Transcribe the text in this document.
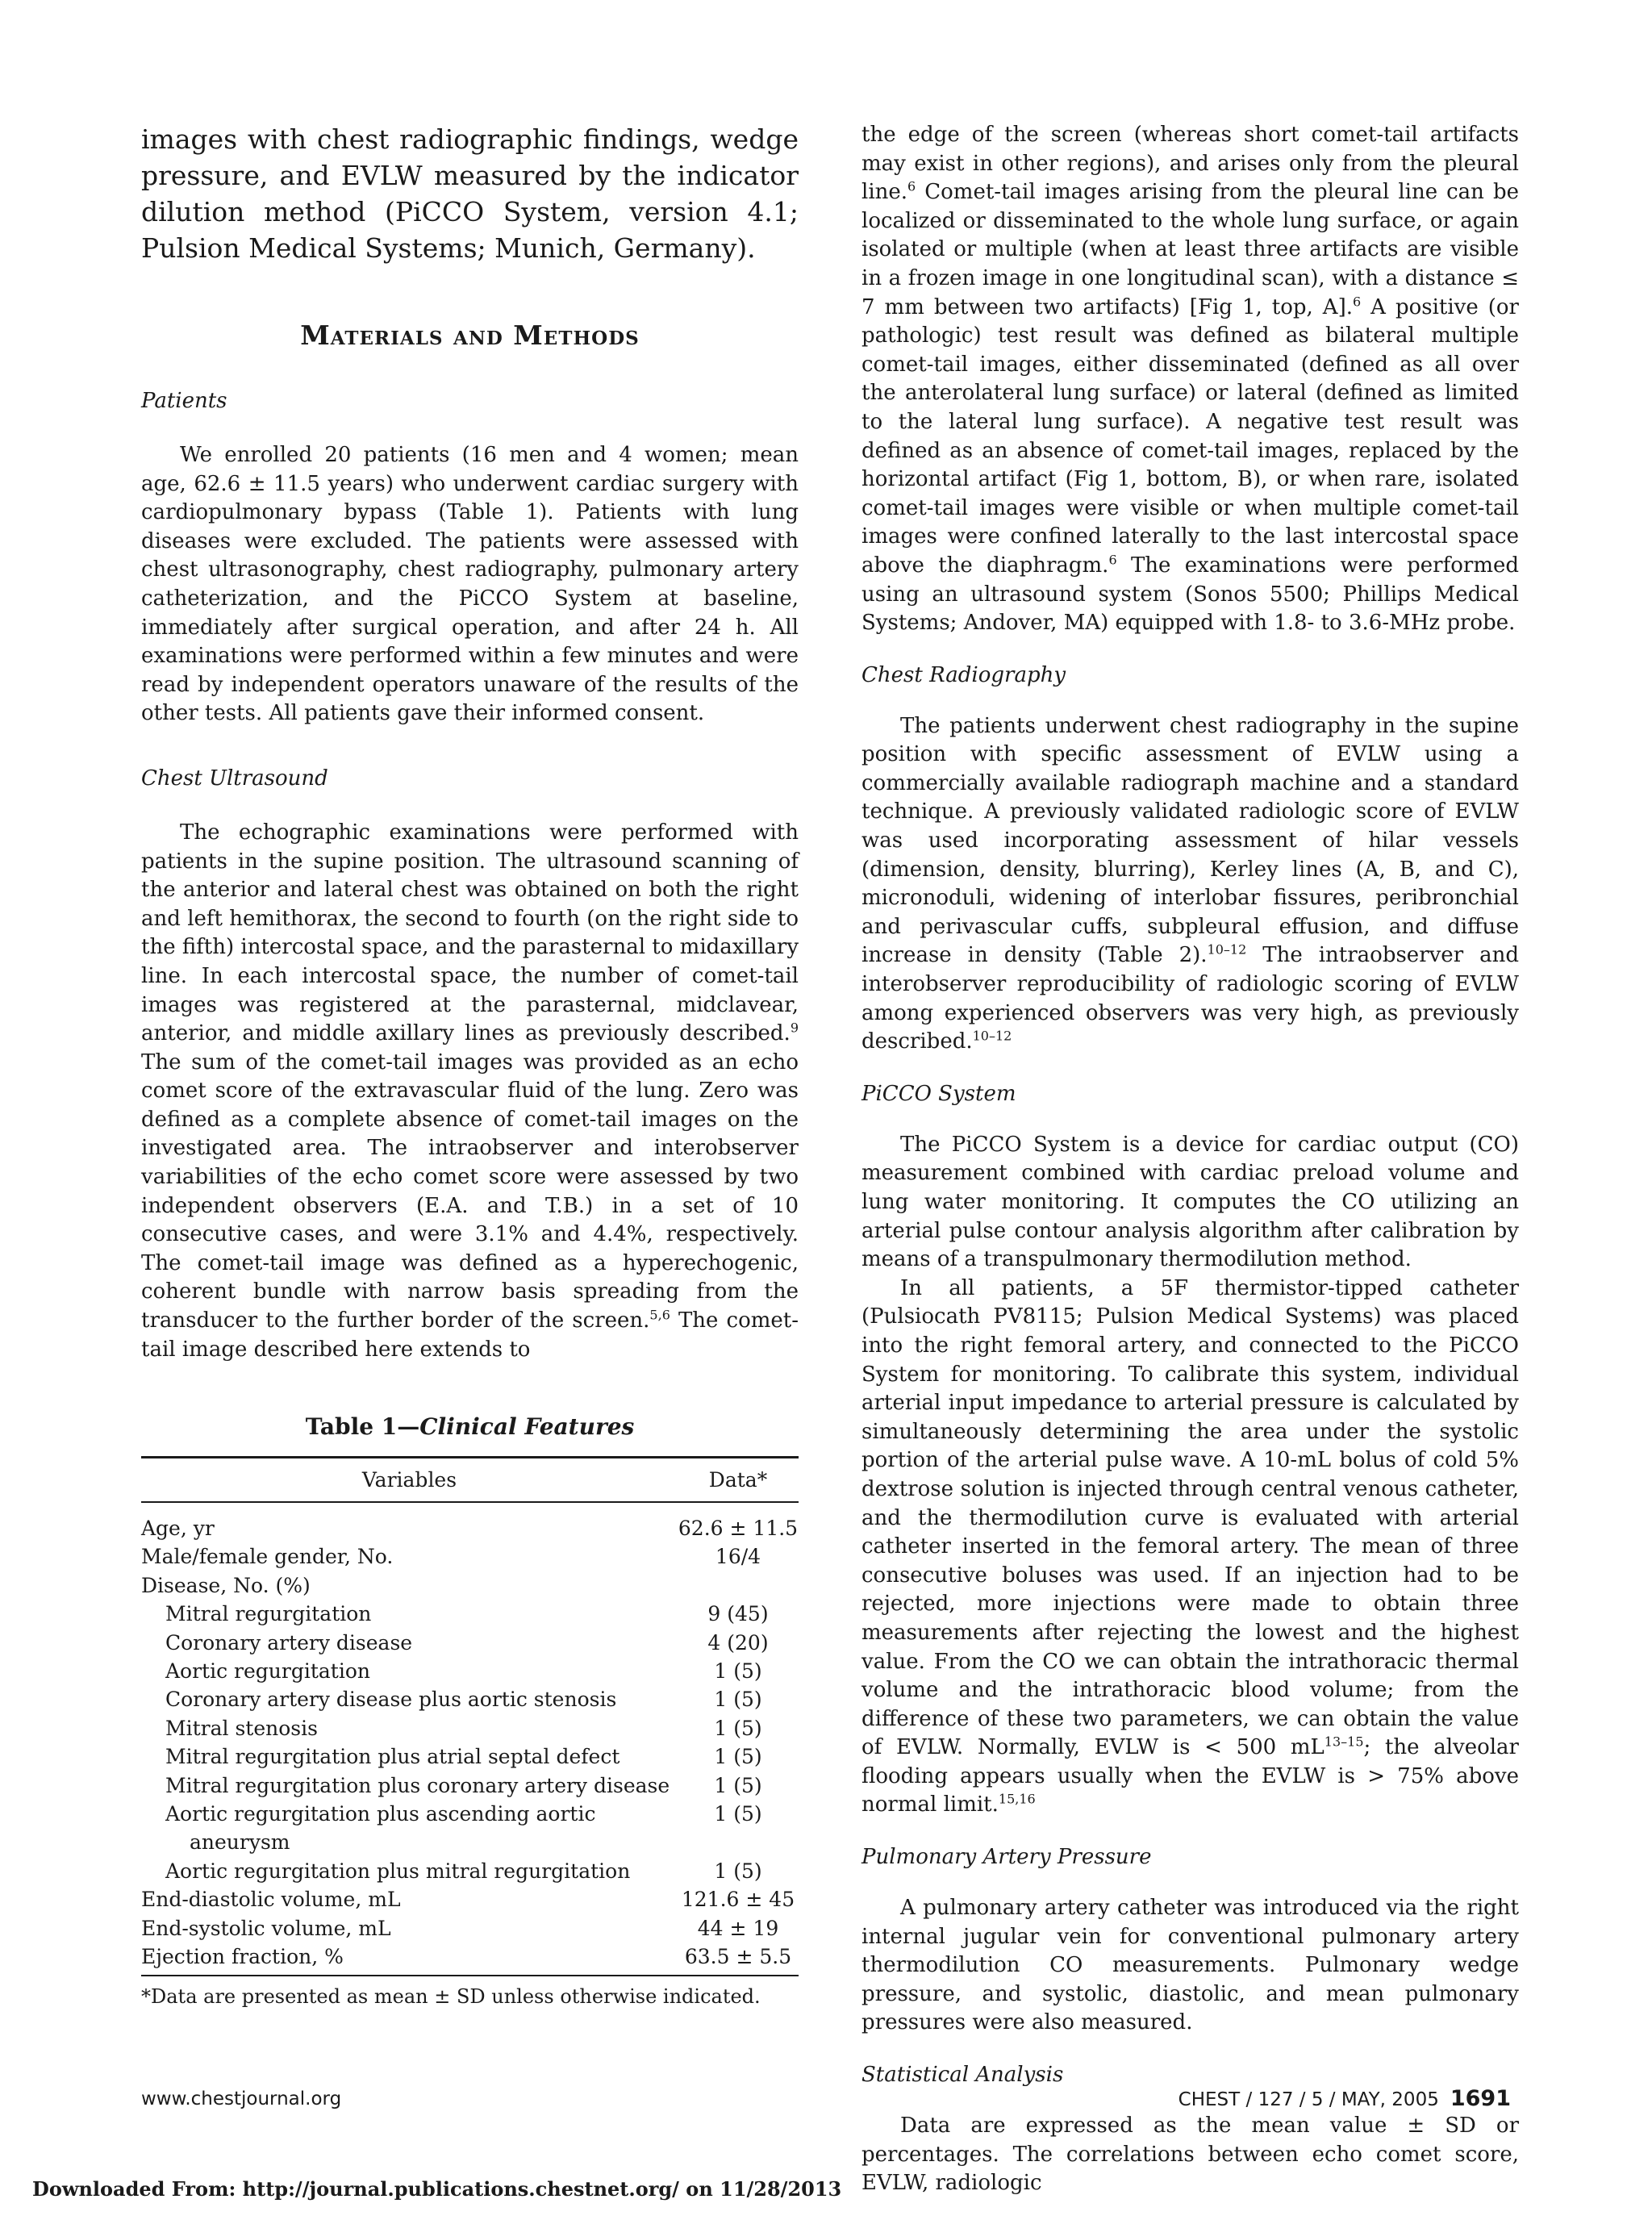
images with chest radiographic findings, wedge pressure, and EVLW measured by the indicator dilution method (PiCCO System, version 4.1; Pulsion Medical Systems; Munich, Germany).

Materials and Methods

Patients

We enrolled 20 patients (16 men and 4 women; mean age, 62.6 ± 11.5 years) who underwent cardiac surgery with cardiopulmonary bypass (Table 1). Patients with lung diseases were excluded. The patients were assessed with chest ultrasonography, chest radiography, pulmonary artery catheterization, and the PiCCO System at baseline, immediately after surgical operation, and after 24 h. All examinations were performed within a few minutes and were read by independent operators unaware of the results of the other tests. All patients gave their informed consent.

Chest Ultrasound

The echographic examinations were performed with patients in the supine position. The ultrasound scanning of the anterior and lateral chest was obtained on both the right and left hemithorax, the second to fourth (on the right side to the fifth) intercostal space, and the parasternal to midaxillary line. In each intercostal space, the number of comet-tail images was registered at the parasternal, midclavear, anterior, and middle axillary lines as previously described.$^9$ The sum of the comet-tail images was provided as an echo comet score of the extravascular fluid of the lung. Zero was defined as a complete absence of comet-tail images on the investigated area. The intraobserver and interobserver variabilities of the echo comet score were assessed by two independent observers (E.A. and T.B.) in a set of 10 consecutive cases, and were 3.1% and 4.4%, respectively. The comet-tail image was defined as a hyperechogenic, coherent bundle with narrow basis spreading from the transducer to the further border of the screen.$^{5,6}$ The comet-tail image described here extends to

Table 1—Clinical Features

Variables	Data*
Age, yr	62.6 ± 11.5
Male/female gender, No.	16/4
Disease, No. (%)	
Mitral regurgitation	9 (45)
Coronary artery disease	4 (20)
Aortic regurgitation	1 (5)
Coronary artery disease plus aortic stenosis	1 (5)
Mitral stenosis	1 (5)
Mitral regurgitation plus atrial septal defect	1 (5)

Mitral regurgitation plus coronary artery disease	1 (5)

Aortic regurgitation plus ascending aortic aneurysm	1 (5)
Aortic regurgitation plus mitral regurgitation	1 (5)
End-diastolic volume, mL	121.6 ± 45
End-systolic volume, mL	44 ± 19
Ejection fraction, %	63.5 ± 5.5

*Data are presented as mean ± SD unless otherwise indicated.

the edge of the screen (whereas short comet-tail artifacts may exist in other regions), and arises only from the pleural line.$^6$ Comet-tail images arising from the pleural line can be localized or disseminated to the whole lung surface, or again isolated or multiple (when at least three artifacts are visible in a frozen image in one longitudinal scan), with a distance ≤ 7 mm between two artifacts) [Fig 1, top, A].$^6$ A positive (or pathologic) test result was defined as bilateral multiple comet-tail images, either disseminated (defined as all over the anterolateral lung surface) or lateral (defined as limited to the lateral lung surface). A negative test result was defined as an absence of comet-tail images, replaced by the horizontal artifact (Fig 1, bottom, B), or when rare, isolated comet-tail images were visible or when multiple comet-tail images were confined laterally to the last intercostal space above the diaphragm.$^6$ The examinations were performed using an ultrasound system (Sonos 5500; Phillips Medical Systems; Andover, MA) equipped with 1.8- to 3.6-MHz probe.

Chest Radiography

The patients underwent chest radiography in the supine position with specific assessment of EVLW using a commercially available radiograph machine and a standard technique. A previously validated radiologic score of EVLW was used incorporating assessment of hilar vessels (dimension, density, blurring), Kerley lines (A, B, and C), micronoduli, widening of interlobar fissures, peribronchial and perivascular cuffs, subpleural effusion, and diffuse increase in density (Table 2).$^{10-12}$ The intraobserver and interobserver reproducibility of radiologic scoring of EVLW among experienced observers was very high, as previously described.$^{10-12}$

PiCCO System

The PiCCO System is a device for cardiac output (CO) measurement combined with cardiac preload volume and lung water monitoring. It computes the CO utilizing an arterial pulse contour analysis algorithm after calibration by means of a transpulmonary thermodilution method.

In all patients, a 5F thermistor-tipped catheter (Pulsiocath PV8115; Pulsion Medical Systems) was placed into the right femoral artery, and connected to the PiCCO System for monitoring. To calibrate this system, individual arterial input impedance to arterial pressure is calculated by simultaneously determining the area under the systolic portion of the arterial pulse wave. A 10-mL bolus of cold 5% dextrose solution is injected through central venous catheter, and the thermodilution curve is evaluated with arterial catheter inserted in the femoral artery. The mean of three consecutive boluses was used. If an injection had to be rejected, more injections were made to obtain three measurements after rejecting the lowest and the highest value. From the CO we can obtain the intrathoracic thermal volume and the intrathoracic blood volume; from the difference of these two parameters, we can obtain the value of EVLW. Normally, EVLW is < 500 $mL^{13-15}$; the alveolar flooding appears usually when the EVLW is > 75% above normal limit.$^{15,16}$

Pulmonary Artery Pressure

A pulmonary artery catheter was introduced via the right internal jugular vein for conventional pulmonary artery thermodilution CO measurements. Pulmonary wedge pressure, and systolic, diastolic, and mean pulmonary pressures were also measured.

Statistical Analysis

Data are expressed as the mean value ± SD or percentages. The correlations between echo comet score, EVLW, radiologic

www.chestjournal.org	CHEST / 127 / 5 / MAY, 2005 1691
Downloaded From: http://journal.publications.chestnet.org/ on 11/28/2013
